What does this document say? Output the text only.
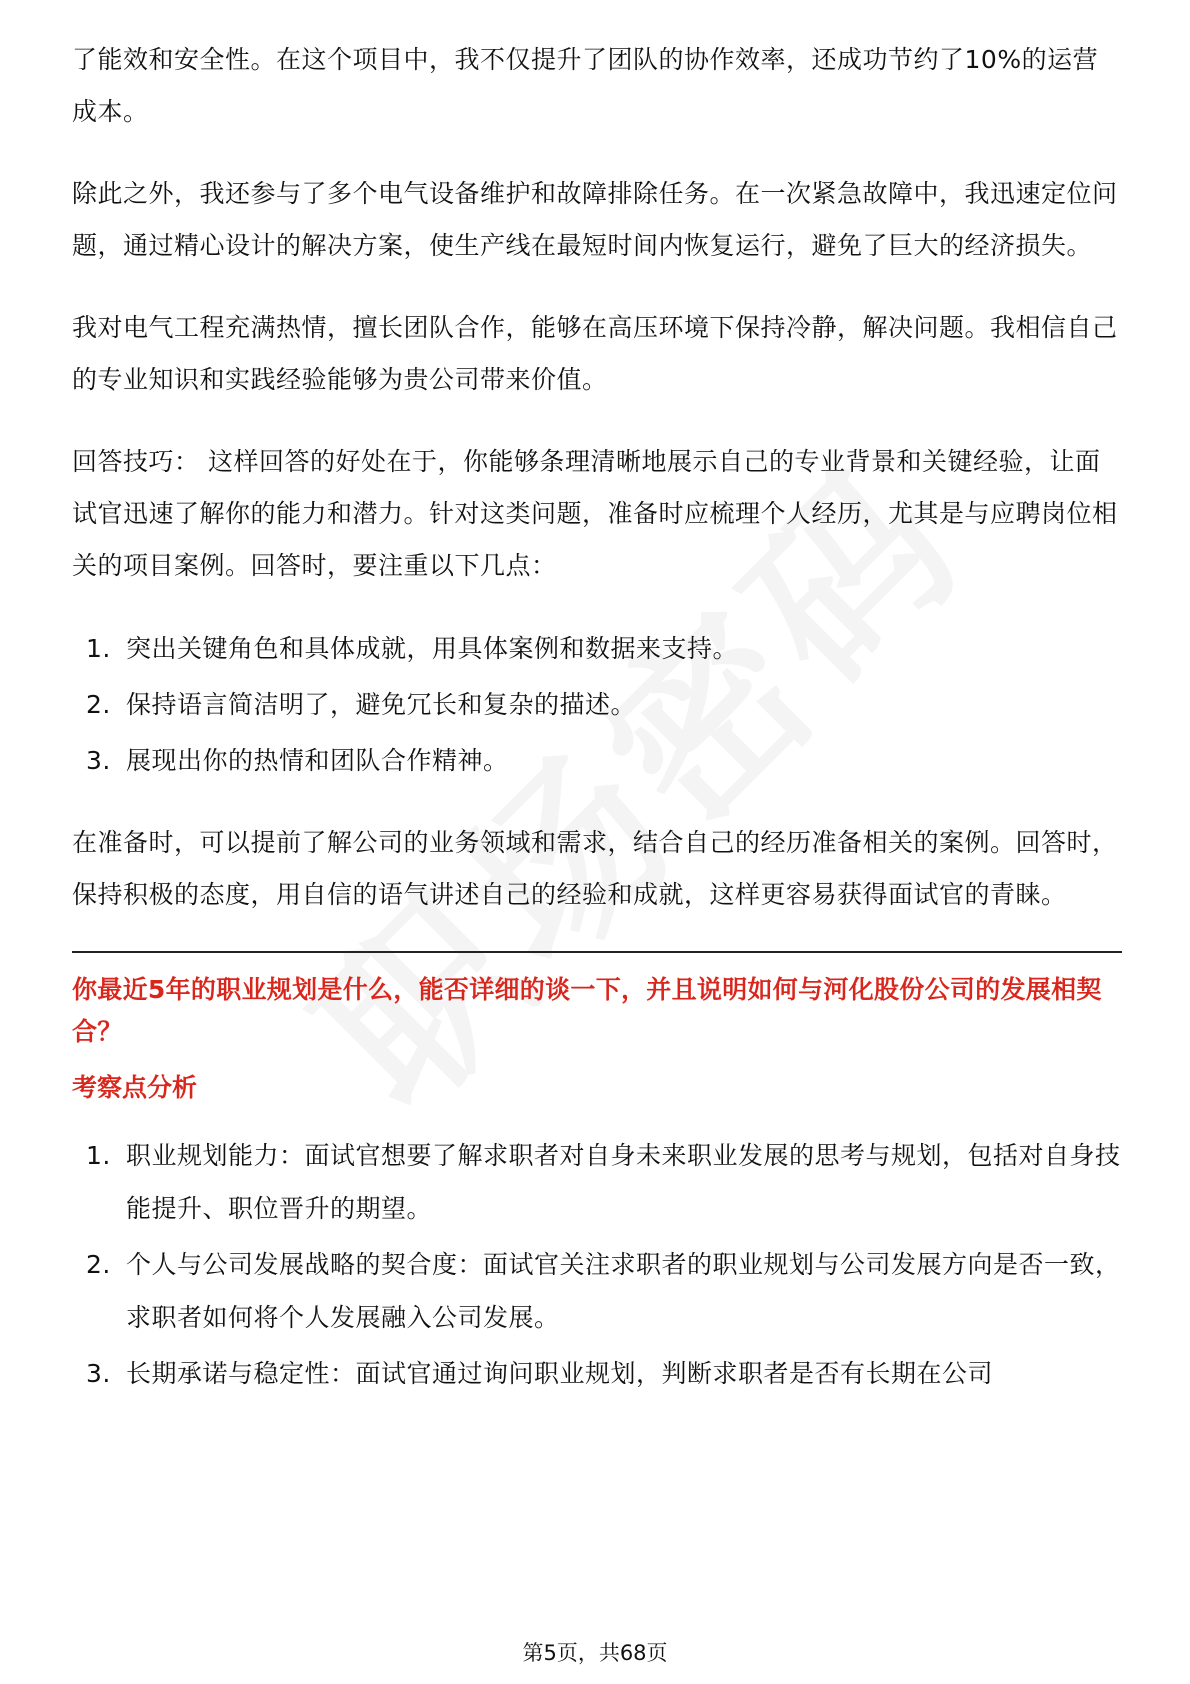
了能效和安全性。在这个项目中，我不仅提升了团队的协作效率，还成功节约了10%的运营成本。

除此之外，我还参与了多个电气设备维护和故障排除任务。在一次紧急故障中，我迅速定位问题，通过精心设计的解决方案，使生产线在最短时间内恢复运行，避免了巨大的经济损失。

我对电气工程充满热情，擅长团队合作，能够在高压环境下保持冷静，解决问题。我相信自己的专业知识和实践经验能够为贵公司带来价值。

回答技巧： 这样回答的好处在于，你能够条理清晰地展示自己的专业背景和关键经验，让面试官迅速了解你的能力和潜力。针对这类问题，准备时应梳理个人经历，尤其是与应聘岗位相关的项目案例。回答时，要注重以下几点：

1. 突出关键角色和具体成就，用具体案例和数据来支持。
2. 保持语言简洁明了，避免冗长和复杂的描述。
3. 展现出你的热情和团队合作精神。

在准备时，可以提前了解公司的业务领域和需求，结合自己的经历准备相关的案例。回答时，保持积极的态度，用自信的语气讲述自己的经验和成就，这样更容易获得面试官的青睐。

你最近5年的职业规划是什么，能否详细的谈一下，并且说明如何与河化股份公司的发展相契合？
考察点分析
1. 职业规划能力：面试官想要了解求职者对自身未来职业发展的思考与规划，包括对自身技能提升、职位晋升的期望。
2. 个人与公司发展战略的契合度：面试官关注求职者的职业规划与公司发展方向是否一致，求职者如何将个人发展融入公司发展。
3. 长期承诺与稳定性：面试官通过询问职业规划，判断求职者是否有长期在公司
第5页，共68页
